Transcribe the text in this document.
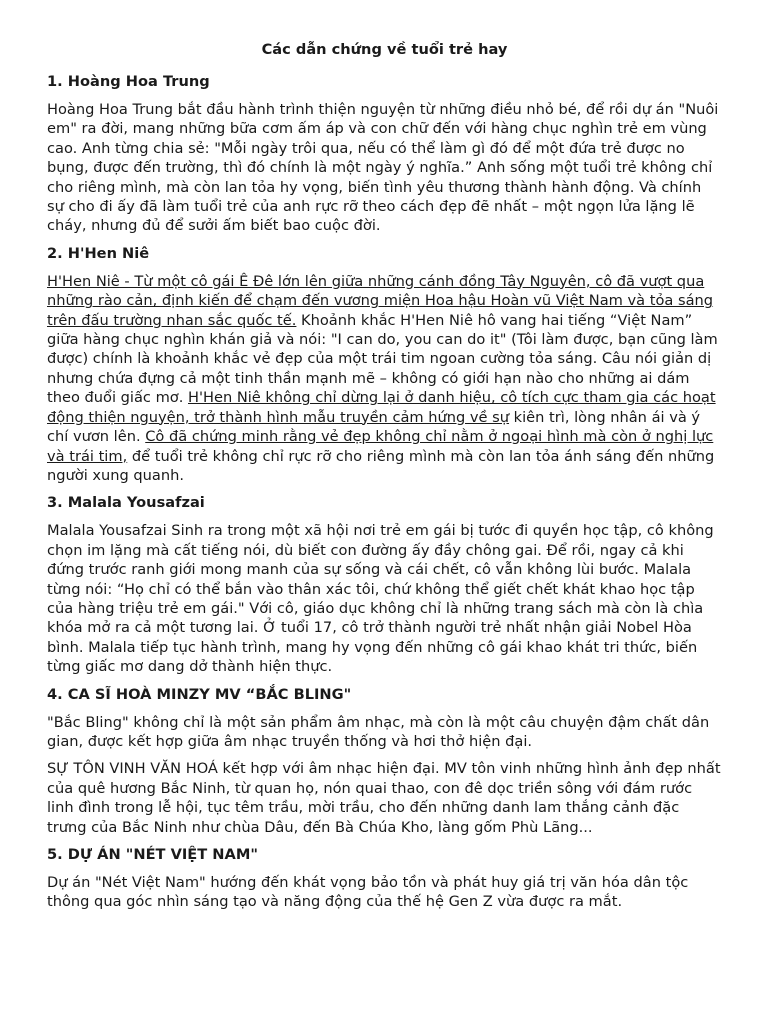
Các dẫn chứng về tuổi trẻ hay
1. Hoàng Hoa Trung

Hoàng Hoa Trung bắt đầu hành trình thiện nguyện từ những điều nhỏ bé, để rồi dự án "Nuôi em" ra đời, mang những bữa cơm ấm áp và con chữ đến với hàng chục nghìn trẻ em vùng cao. Anh từng chia sẻ: "Mỗi ngày trôi qua, nếu có thể làm gì đó để một đứa trẻ được no bụng, được đến trường, thì đó chính là một ngày ý nghĩa.” Anh sống một tuổi trẻ không chỉ cho riêng mình, mà còn lan tỏa hy vọng, biến tình yêu thương thành hành động. Và chính sự cho đi ấy đã làm tuổi trẻ của anh rực rỡ theo cách đẹp đẽ nhất – một ngọn lửa lặng lẽ cháy, nhưng đủ để sưởi ấm biết bao cuộc đời.

2. H'Hen Niê

H'Hen Niê - Từ một cô gái Ê Đê lớn lên giữa những cánh đồng Tây Nguyên, cô đã vượt qua những rào cản, định kiến để chạm đến vương miện Hoa hậu Hoàn vũ Việt Nam và tỏa sáng trên đấu trường nhan sắc quốc tế. Khoảnh khắc H'Hen Niê hô vang hai tiếng “Việt Nam” giữa hàng chục nghìn khán giả và nói: "I can do, you can do it" (Tôi làm được, bạn cũng làm được) chính là khoảnh khắc vẻ đẹp của một trái tim ngoan cường tỏa sáng. Câu nói giản dị nhưng chứa đựng cả một tinh thần mạnh mẽ – không có giới hạn nào cho những ai dám theo đuổi giấc mơ. H'Hen Niê không chỉ dừng lại ở danh hiệu, cô tích cực tham gia các hoạt động thiện nguyện, trở thành hình mẫu truyền cảm hứng về sự kiên trì, lòng nhân ái và ý chí vươn lên. Cô đã chứng minh rằng vẻ đẹp không chỉ nằm ở ngoại hình mà còn ở nghị lực và trái tim, để tuổi trẻ không chỉ rực rỡ cho riêng mình mà còn lan tỏa ánh sáng đến những người xung quanh.

3. Malala Yousafzai

Malala Yousafzai Sinh ra trong một xã hội nơi trẻ em gái bị tước đi quyền học tập, cô không chọn im lặng mà cất tiếng nói, dù biết con đường ấy đầy chông gai. Để rồi, ngay cả khi đứng trước ranh giới mong manh của sự sống và cái chết, cô vẫn không lùi bước. Malala từng nói: “Họ chỉ có thể bắn vào thân xác tôi, chứ không thể giết chết khát khao học tập của hàng triệu trẻ em gái." Với cô, giáo dục không chỉ là những trang sách mà còn là chìa khóa mở ra cả một tương lai. Ở tuổi 17, cô trở thành người trẻ nhất nhận giải Nobel Hòa bình. Malala tiếp tục hành trình, mang hy vọng đến những cô gái khao khát tri thức, biến từng giấc mơ dang dở thành hiện thực.

4. CA SĨ HOÀ MINZY MV “BẮC BLING"

"Bắc Bling" không chỉ là một sản phẩm âm nhạc, mà còn là một câu chuyện đậm chất dân gian, được kết hợp giữa âm nhạc truyền thống và hơi thở hiện đại.

SỰ TÔN VINH VĂN HOÁ kết hợp với âm nhạc hiện đại. MV tôn vinh những hình ảnh đẹp nhất của quê hương Bắc Ninh, từ quan họ, nón quai thao, con đê dọc triền sông với đám rước linh đình trong lễ hội, tục têm trầu, mời trầu, cho đến những danh lam thắng cảnh đặc trưng của Bắc Ninh như chùa Dâu, đến Bà Chúa Kho, làng gốm Phù Lãng...

5. DỰ ÁN "NÉT VIỆT NAM"

Dự án "Nét Việt Nam" hướng đến khát vọng bảo tồn và phát huy giá trị văn hóa dân tộc thông qua góc nhìn sáng tạo và năng động của thế hệ Gen Z vừa được ra mắt.
